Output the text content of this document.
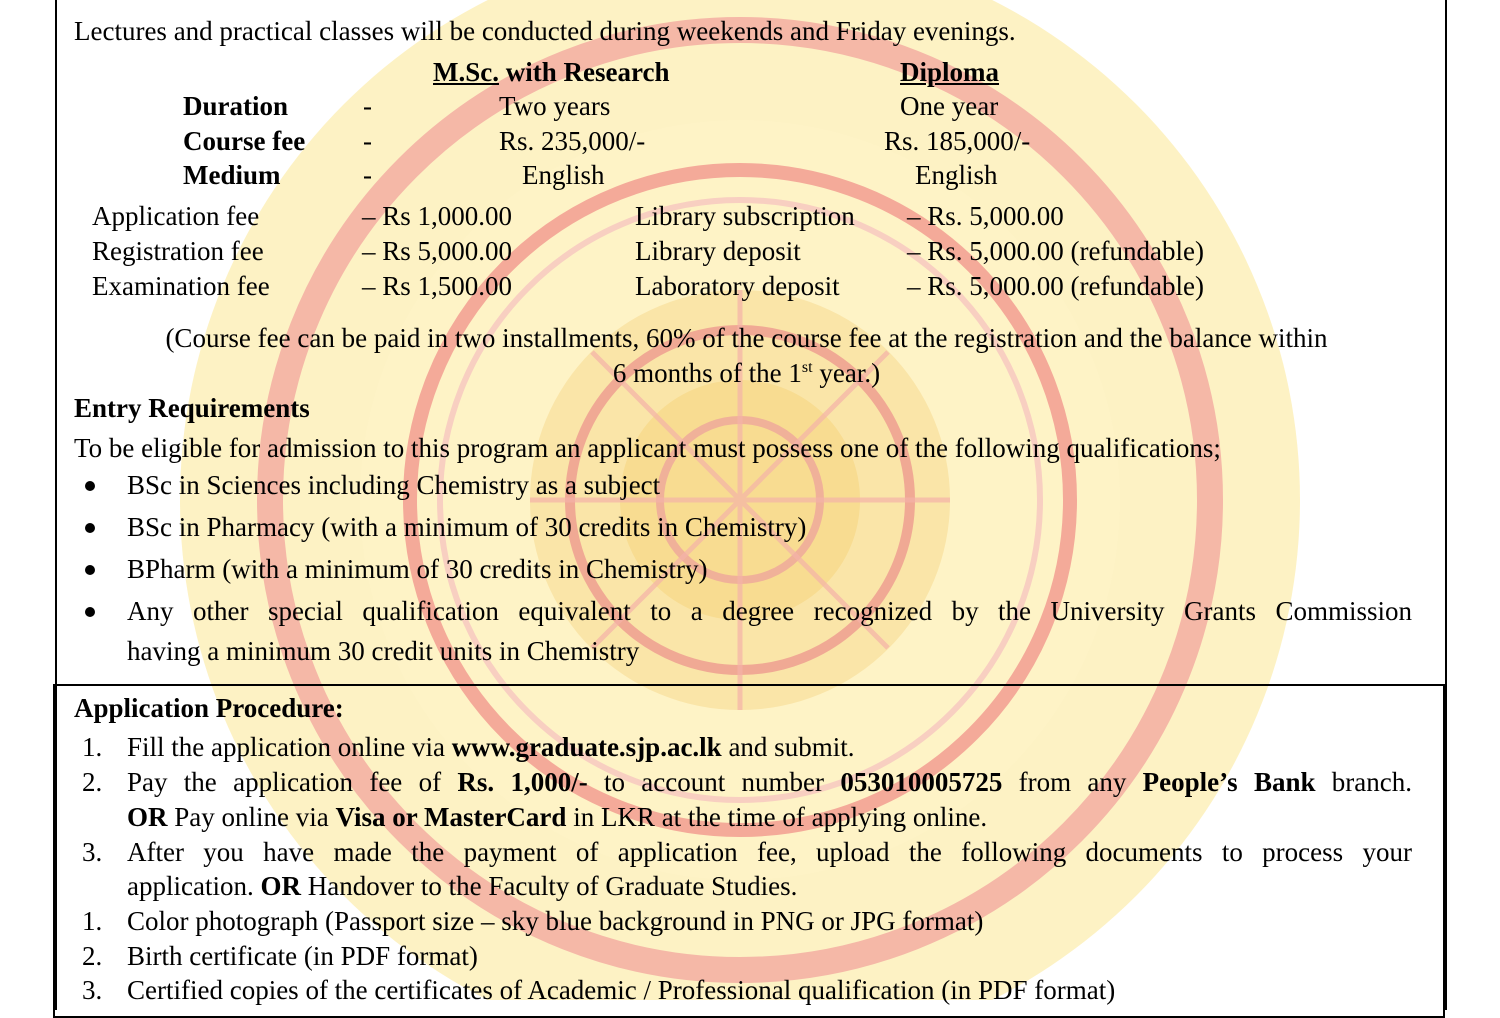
Lectures and practical classes will be conducted during weekends and Friday evenings.
M.Sc. with Research	Diploma
Duration	-	Two years	One year
Course fee -	Rs. 235,000/-	Rs. 185,000/-
Medium	-	English	English
Application fee	– Rs 1,000.00	Library subscription – Rs. 5,000.00
Registration fee	– Rs 5,000.00	Library deposit	– Rs. 5,000.00 (refundable)
Examination fee	– Rs 1,500.00	Laboratory deposit – Rs. 5,000.00 (refundable)
(Course fee can be paid in two installments, 60% of the course fee at the registration and the balance within
6 months of the 1st year.)
Entry Requirements
To be eligible for admission to this program an applicant must possess one of the following qualifications;
BSc in Sciences including Chemistry as a subject
BSc in Pharmacy (with a minimum of 30 credits in Chemistry)
BPharm (with a minimum of 30 credits in Chemistry)
Any other special qualification equivalent to a degree recognized by the University Grants Commission
having a minimum 30 credit units in Chemistry
Application Procedure:
1. Fill the application online via www.graduate.sjp.ac.lk and submit.
2. Pay the application fee of Rs. 1,000/- to account number 053010005725 from any People’s Bank branch.
OR Pay online via Visa or MasterCard in LKR at the time of applying online.
3. After you have made the payment of application fee, upload the following documents to process your
application. OR Handover to the Faculty of Graduate Studies.
1. Color photograph (Passport size – sky blue background in PNG or JPG format)
2. Birth certificate (in PDF format)
3. Certified copies of the certificates of Academic / Professional qualification (in PDF format)
